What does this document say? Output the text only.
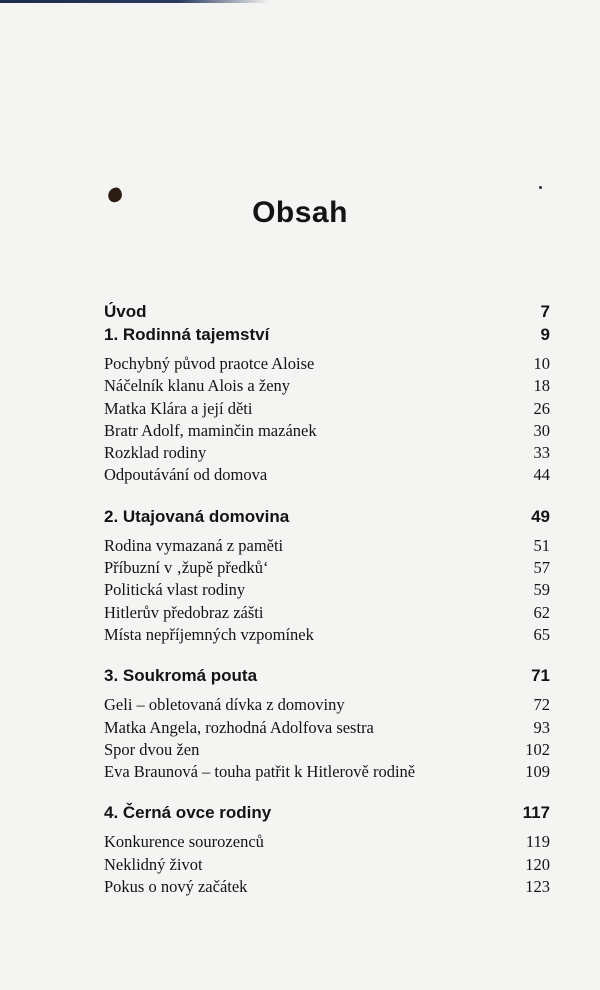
Obsah
Úvod	7
1. Rodinná tajemství	9
Pochybný původ praotce Aloise	10
Náčelník klanu Alois a ženy	18
Matka Klára a její děti	26
Bratr Adolf, maminčin mazánek	30
Rozklad rodiny	33
Odpoutávání od domova	44
2. Utajovaná domovina	49
Rodina vymazaná z paměti	51
Příbuzní v ‚župě předků‘	57
Politická vlast rodiny	59
Hitlerův předobraz zášti	62
Místa nepříjemných vzpomínek	65
3. Soukromá pouta	71
Geli – obletovaná dívka z domoviny	72
Matka Angela, rozhodná Adolfova sestra	93
Spor dvou žen	102
Eva Braunová – touha patřit k Hitlerově rodině	109
4. Černá ovce rodiny	117
Konkurence sourozenců	119
Neklidný život	120
Pokus o nový začátek	123
